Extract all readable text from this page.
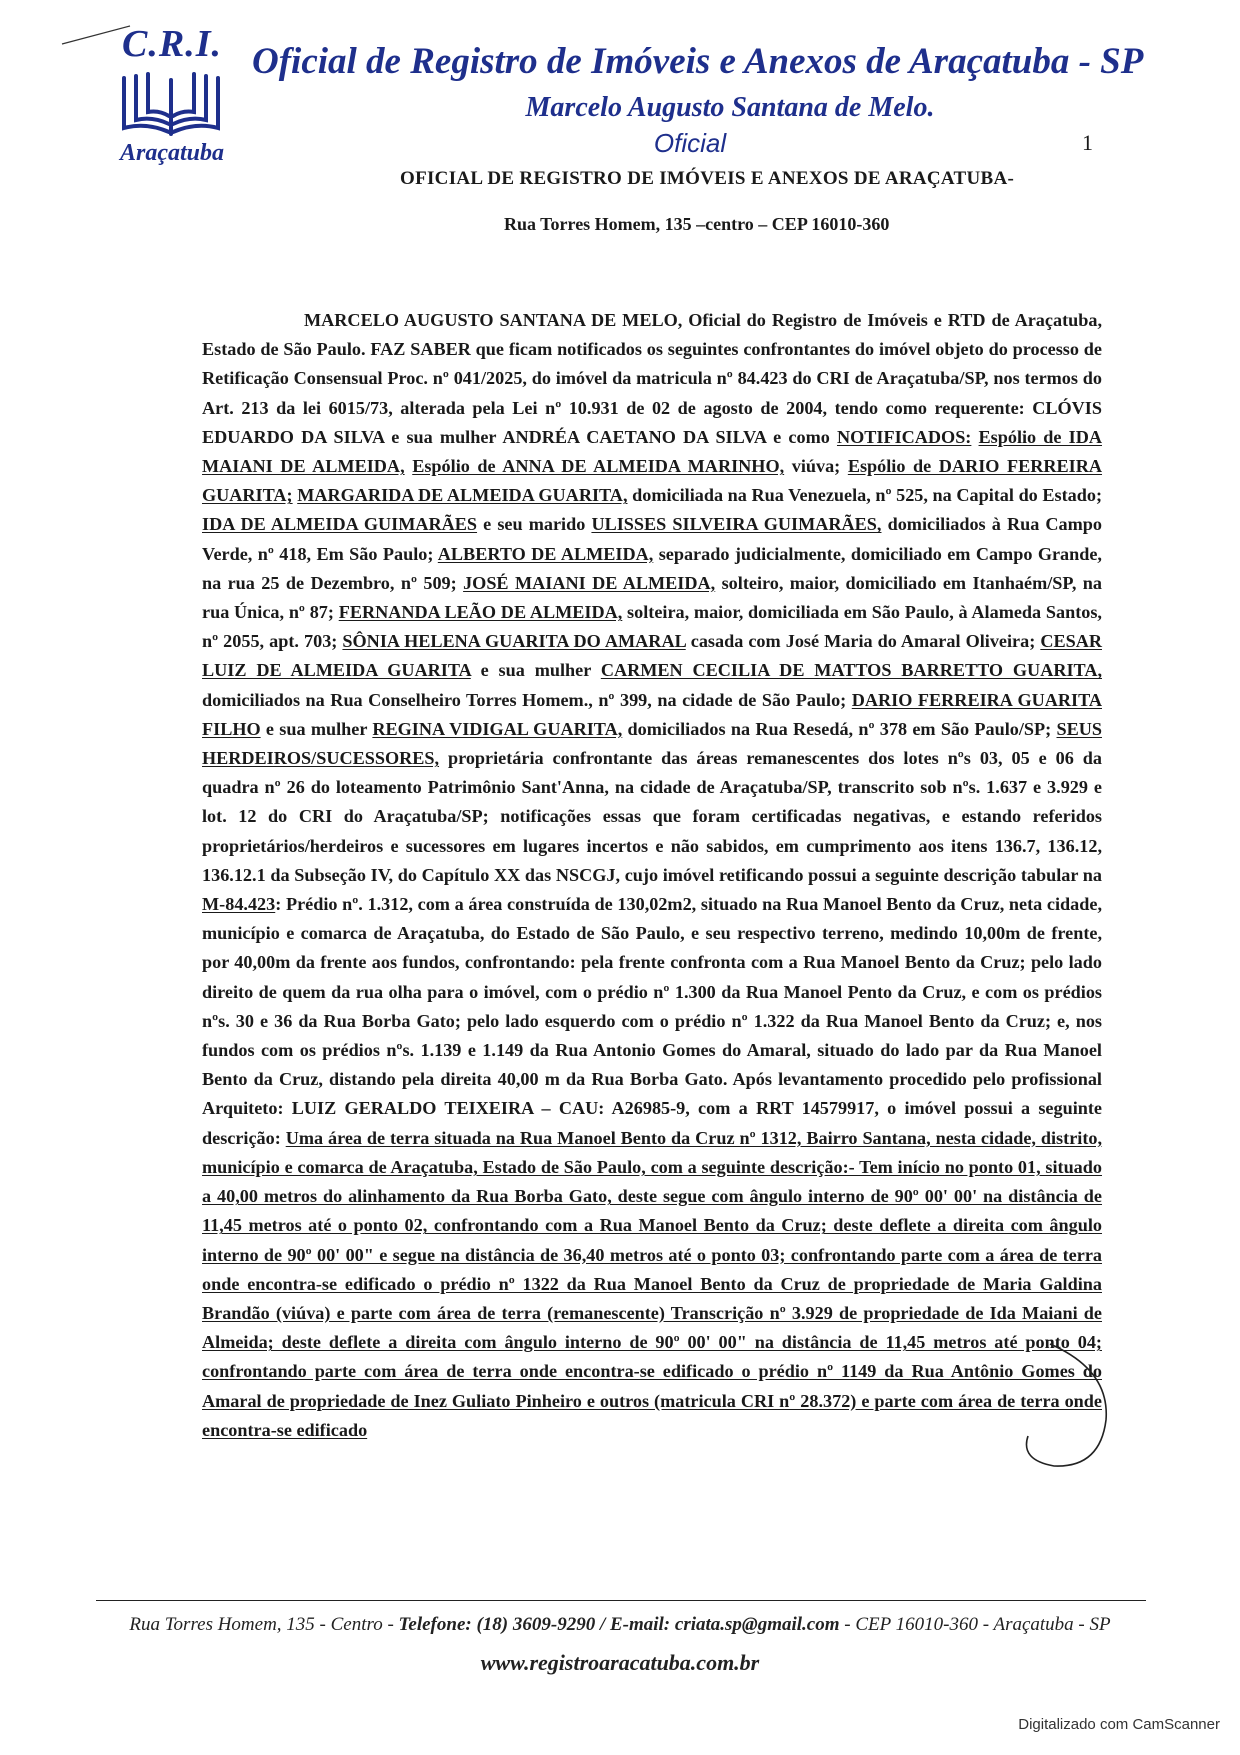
C.R.I.
Araçatuba
Oficial de Registro de Imóveis e Anexos de Araçatuba - SP
Marcelo Augusto Santana de Melo.
Oficial	1
OFICIAL DE REGISTRO DE IMÓVEIS E ANEXOS DE ARAÇATUBA-
Rua Torres Homem, 135 –centro – CEP 16010-360

MARCELO AUGUSTO SANTANA DE MELO, Oficial do Registro de Imóveis e RTD de Araçatuba, Estado de São Paulo. FAZ SABER que ficam notificados os seguintes confrontantes do imóvel objeto do processo de Retificação Consensual Proc. nº 041/2025, do imóvel da matricula nº 84.423 do CRI de Araçatuba/SP, nos termos do Art. 213 da lei 6015/73, alterada pela Lei nº 10.931 de 02 de agosto de 2004, tendo como requerente: CLÓVIS EDUARDO DA SILVA e sua mulher ANDRÉA CAETANO DA SILVA e como NOTIFICADOS: Espólio de IDA MAIANI DE ALMEIDA, Espólio de ANNA DE ALMEIDA MARINHO, viúva; Espólio de DARIO FERREIRA GUARITA; MARGARIDA DE ALMEIDA GUARITA, domiciliada na Rua Venezuela, nº 525, na Capital do Estado; IDA DE ALMEIDA GUIMARÃES e seu marido ULISSES SILVEIRA GUIMARÃES, domiciliados à Rua Campo Verde, nº 418, Em São Paulo; ALBERTO DE ALMEIDA, separado judicialmente, domiciliado em Campo Grande, na rua 25 de Dezembro, nº 509; JOSÉ MAIANI DE ALMEIDA, solteiro, maior, domiciliado em Itanhaém/SP, na rua Única, nº 87; FERNANDA LEÃO DE ALMEIDA, solteira, maior, domiciliada em São Paulo, à Alameda Santos, nº 2055, apt. 703; SÔNIA HELENA GUARITA DO AMARAL casada com José Maria do Amaral Oliveira; CESAR LUIZ DE ALMEIDA GUARITA e sua mulher CARMEN CECILIA DE MATTOS BARRETTO GUARITA, domiciliados na Rua Conselheiro Torres Homem., nº 399, na cidade de São Paulo; DARIO FERREIRA GUARITA FILHO e sua mulher REGINA VIDIGAL GUARITA, domiciliados na Rua Resedá, nº 378 em São Paulo/SP; SEUS HERDEIROS/SUCESSORES, proprietária confrontante das áreas remanescentes dos lotes nºs 03, 05 e 06 da quadra nº 26 do loteamento Patrimônio Sant'Anna, na cidade de Araçatuba/SP, transcrito sob nºs. 1.637 e 3.929 e lot. 12 do CRI do Araçatuba/SP; notificações essas que foram certificadas negativas, e estando referidos proprietários/herdeiros e sucessores em lugares incertos e não sabidos, em cumprimento aos itens 136.7, 136.12, 136.12.1 da Subseção IV, do Capítulo XX das NSCGJ, cujo imóvel retificando possui a seguinte descrição tabular na M-84.423: Prédio nº. 1.312, com a área construída de 130,02m2, situado na Rua Manoel Bento da Cruz, neta cidade, município e comarca de Araçatuba, do Estado de São Paulo, e seu respectivo terreno, medindo 10,00m de frente, por 40,00m da frente aos fundos, confrontando: pela frente confronta com a Rua Manoel Bento da Cruz; pelo lado direito de quem da rua olha para o imóvel, com o prédio nº 1.300 da Rua Manoel Pento da Cruz, e com os prédios nºs. 30 e 36 da Rua Borba Gato; pelo lado esquerdo com o prédio nº 1.322 da Rua Manoel Bento da Cruz; e, nos fundos com os prédios nºs. 1.139 e 1.149 da Rua Antonio Gomes do Amaral, situado do lado par da Rua Manoel Bento da Cruz, distando pela direita 40,00 m da Rua Borba Gato. Após levantamento procedido pelo profissional Arquiteto: LUIZ GERALDO TEIXEIRA – CAU: A26985-9, com a RRT 14579917, o imóvel possui a seguinte descrição: Uma área de terra situada na Rua Manoel Bento da Cruz nº 1312, Bairro Santana, nesta cidade, distrito, município e comarca de Araçatuba, Estado de São Paulo, com a seguinte descrição:- Tem início no ponto 01, situado a 40,00 metros do alinhamento da Rua Borba Gato, deste segue com ângulo interno de 90º 00' 00' na distância de 11,45 metros até o ponto 02, confrontando com a Rua Manoel Bento da Cruz; deste deflete a direita com ângulo interno de 90º 00' 00" e segue na distância de 36,40 metros até o ponto 03; confrontando parte com a área de terra onde encontra-se edificado o prédio nº 1322 da Rua Manoel Bento da Cruz de propriedade de Maria Galdina Brandão (viúva) e parte com área de terra (remanescente) Transcrição nº 3.929 de propriedade de Ida Maiani de Almeida; deste deflete a direita com ângulo interno de 90º 00' 00" na distância de 11,45 metros até ponto 04; confrontando parte com área de terra onde encontra-se edificado o prédio nº 1149 da Rua Antônio Gomes do Amaral de propriedade de Inez Guliato Pinheiro e outros (matricula CRI nº 28.372) e parte com área de terra onde encontra-se edificado

Rua Torres Homem, 135 - Centro - Telefone: (18) 3609-9290 / E-mail: criata.sp@gmail.com - CEP 16010-360 - Araçatuba - SP
www.registroaracatuba.com.br
Digitalizado com CamScanner
